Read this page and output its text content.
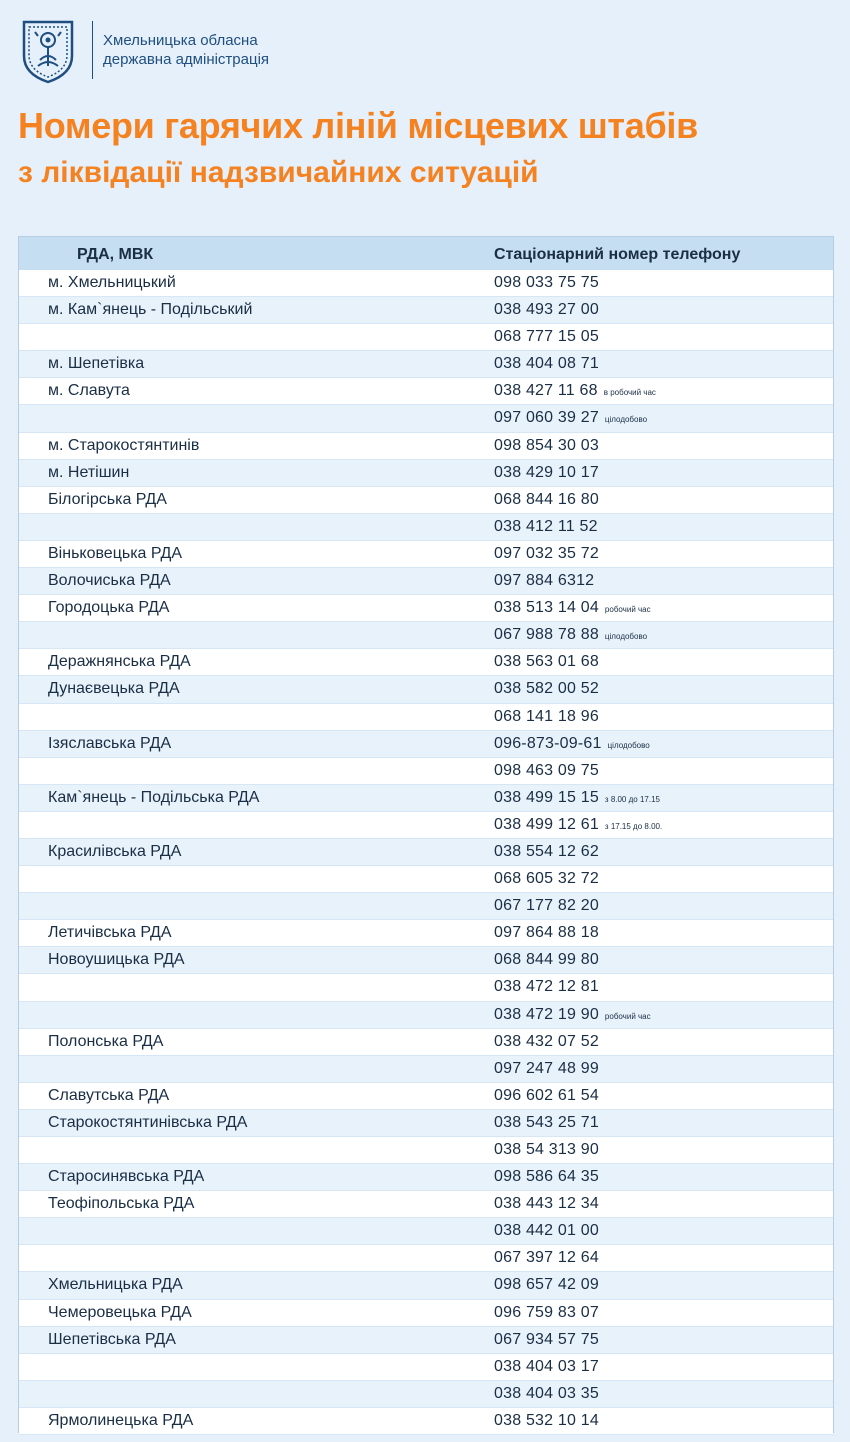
Хмельницька обласна
державна адміністрація
Номери гарячих ліній місцевих штабів
з ліквідації надзвичайних ситуацій
РДА, МВК	Стаціонарний номер телефону
м. Хмельницький	098 033 75 75
м. Кам`янець - Подільський	038 493 27 00
068 777 15 05
м. Шепетівка	038 404 08 71
м. Славута	038 427 11 68 в робочий час
097 060 39 27 цілодобово
м. Старокостянтинів	098 854 30 03
м. Нетішин	038 429 10 17
Білогірська РДА	068 844 16 80
038 412 11 52
Віньковецька РДА	097 032 35 72
Волочиська РДА	097 884 6312
Городоцька РДА	038 513 14 04 робочий час
067 988 78 88 цілодобово
Деражнянська РДА	038 563 01 68
Дунаєвецька РДА	038 582 00 52
068 141 18 96
Ізяславська РДА	096-873-09-61 цілодобово
098 463 09 75
Кам`янець - Подільська РДА	038 499 15 15 з 8.00 до 17.15
038 499 12 61 з 17.15 до 8.00.
Красилівська РДА	038 554 12 62
068 605 32 72
067 177 82 20
Летичівська РДА	097 864 88 18
Новоушицька РДА	068 844 99 80
038 472 12 81
038 472 19 90 робочий час
Полонська РДА	038 432 07 52
097 247 48 99
Славутська РДА	096 602 61 54
Старокостянтинівська РДА	038 543 25 71
038 54 313 90
Старосинявська РДА	098 586 64 35
Теофіпольська РДА	038 443 12 34
038 442 01 00
067 397 12 64
Хмельницька РДА	098 657 42 09
Чемеровецька РДА	096 759 83 07
Шепетівська РДА	067 934 57 75
038 404 03 17
038 404 03 35
Ярмолинецька РДА	038 532 10 14
